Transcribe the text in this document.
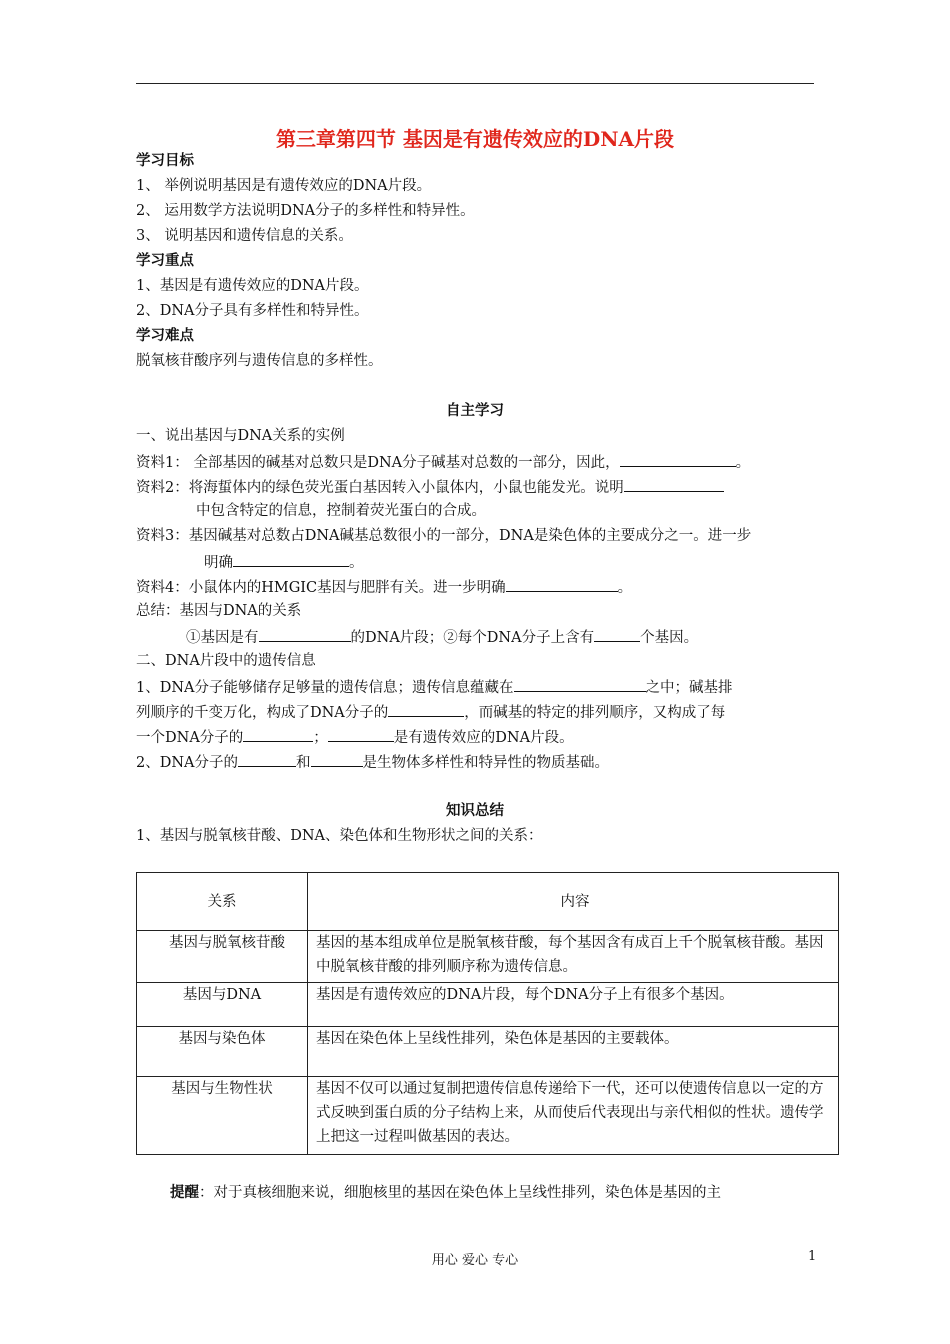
第三章第四节 基因是有遗传效应的DNA片段
学习目标
1、 举例说明基因是有遗传效应的DNA片段。
2、 运用数学方法说明DNA分子的多样性和特异性。
3、 说明基因和遗传信息的关系。
学习重点
1、基因是有遗传效应的DNA片段。
2、DNA分子具有多样性和特异性。
学习难点
脱氧核苷酸序列与遗传信息的多样性。
自主学习
一、说出基因与DNA关系的实例
资料1： 全部基因的碱基对总数只是DNA分子碱基对总数的一部分，因此，	。
资料2：将海蜇体内的绿色荧光蛋白基因转入小鼠体内，小鼠也能发光。说明
中包含特定的信息，控制着荧光蛋白的合成。
资料3：基因碱基对总数占DNA碱基总数很小的一部分，DNA是染色体的主要成分之一。进一步
明确	。
资料4：小鼠体内的HMGIC基因与肥胖有关。进一步明确	。
总结：基因与DNA的关系
①基因是有	的DNA片段；②每个DNA分子上含有	个基因。
二、DNA片段中的遗传信息
1、DNA分子能够储存足够量的遗传信息；遗传信息蕴藏在	之中；碱基排
列顺序的千变万化，构成了DNA分子的	，而碱基的特定的排列顺序，又构成了每
一个DNA分子的	；	是有遗传效应的DNA片段。
2、DNA分子的	和	是生物体多样性和特异性的物质基础。
知识总结
1、基因与脱氧核苷酸、DNA、染色体和生物形状之间的关系：
关系	内容
基因与脱氧核苷酸	基因的基本组成单位是脱氧核苷酸，每个基因含有成百上千个脱氧核苷酸。基因中脱氧核苷酸的排列顺序称为遗传信息。
基因与DNA	基因是有遗传效应的DNA片段，每个DNA分子上有很多个基因。
基因与染色体	基因在染色体上呈线性排列，染色体是基因的主要载体。
基因与生物性状	基因不仅可以通过复制把遗传信息传递给下一代，还可以使遗传信息以一定的方式反映到蛋白质的分子结构上来，从而使后代表现出与亲代相似的性状。遗传学上把这一过程叫做基因的表达。
提醒：对于真核细胞来说，细胞核里的基因在染色体上呈线性排列，染色体是基因的主
用心 爱心 专心	1
